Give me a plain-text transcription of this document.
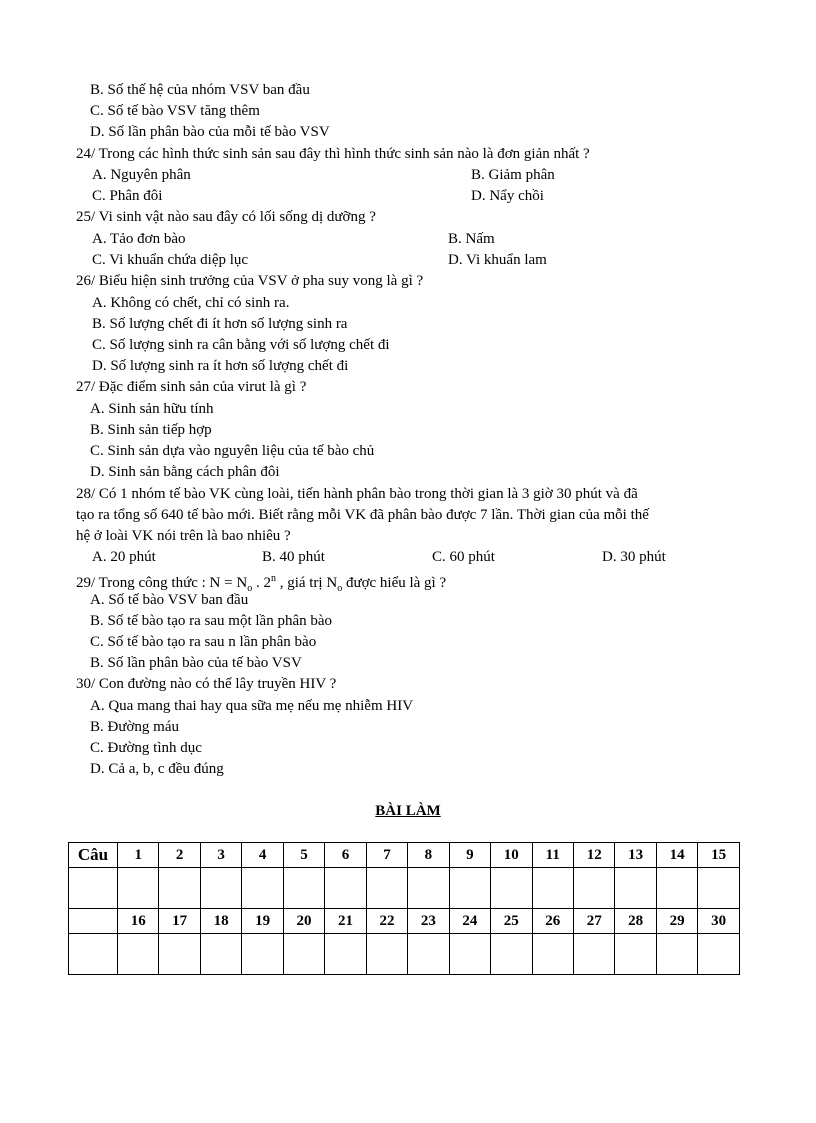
B. Số thế hệ của nhóm VSV ban đầu
C. Số tế bào VSV tăng thêm
D. Số lần phân bào của mỗi tế bào VSV
24/ Trong các hình thức sinh sản sau đây thì hình thức sinh sản nào là đơn giản nhất ?
A. Nguyên phân	B. Giảm phân
C. Phân đôi	D. Nẩy chồi
25/ Vi sinh vật nào sau đây có lối sống dị dưỡng ?
A. Tảo đơn bào	B. Nấm
C. Vi khuẩn chứa diệp lục	D. Vi khuẩn lam
26/ Biểu hiện sinh trưởng của VSV ở pha suy vong là gì ?
A. Không có chết, chỉ có sinh ra.
B. Số lượng chết đi ít hơn số lượng sinh ra
C. Số lượng sinh ra cân bằng với số lượng chết đi
D. Số lượng sinh ra ít hơn số lượng chết đi
27/ Đặc điểm sinh sản của virut là gì ?
A. Sinh sản hữu tính
B. Sinh sản tiếp hợp
C. Sinh sản dựa vào nguyên liệu của tế bào chủ
D. Sinh sản bằng cách phân đôi
28/ Có 1 nhóm tế bào VK cùng loài, tiến hành phân bào trong thời gian là 3 giờ 30 phút và đã
tạo ra tổng số 640 tế bào mới. Biết rằng mỗi VK đã phân bào được 7 lần. Thời gian của mỗi thế
hệ ở loài VK nói trên là bao nhiêu ?
A. 20 phút	B. 40 phút	C. 60 phút	D. 30 phút
29/ Trong công thức : $N = N_o$ . 2$^n$ , giá trị $N_o$ được hiểu là gì ?
A. Số tế bào VSV ban đầu
B. Số tế bào tạo ra sau một lần phân bào
C. Số tế bào tạo ra sau n lần phân bào
B. Số lần phân bào của tế bào VSV
30/ Con đường nào có thể lây truyền HIV ?
A. Qua mang thai hay qua sữa mẹ nếu mẹ nhiễm HIV
B. Đường máu
C. Đường tình dục
D. Cả a, b, c đều đúng
BÀI LÀM
Câu	1	2	3	4	5	6	7	8	9	10	11	12	13	14	15

	16	17	18	19	20	21	22	23	24	25	26	27	28	29	30
